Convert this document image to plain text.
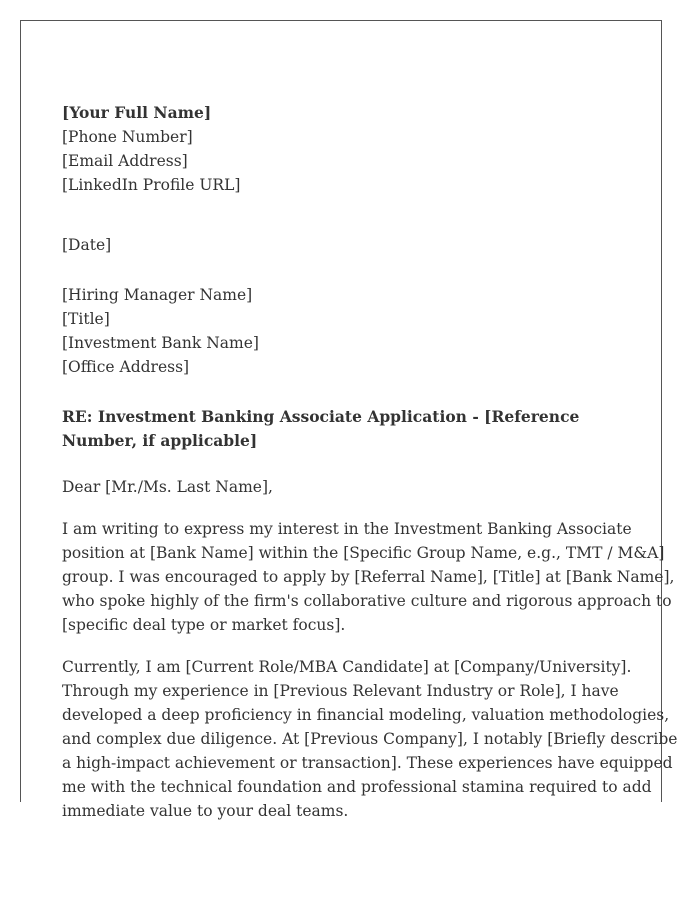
[Your Full Name]
[Phone Number]
[Email Address]
[LinkedIn Profile URL]
[Date]
[Hiring Manager Name]
[Title]
[Investment Bank Name]
[Office Address]
RE: Investment Banking Associate Application - [Reference
Number, if applicable]
Dear [Mr./Ms. Last Name],
I am writing to express my interest in the Investment Banking Associate
position at [Bank Name] within the [Specific Group Name, e.g., TMT / M&A]
group. I was encouraged to apply by [Referral Name], [Title] at [Bank Name],
who spoke highly of the firm's collaborative culture and rigorous approach to
[specific deal type or market focus].
Currently, I am [Current Role/MBA Candidate] at [Company/University].
Through my experience in [Previous Relevant Industry or Role], I have
developed a deep proficiency in financial modeling, valuation methodologies,
and complex due diligence. At [Previous Company], I notably [Briefly describe
a high-impact achievement or transaction]. These experiences have equipped
me with the technical foundation and professional stamina required to add
immediate value to your deal teams.
